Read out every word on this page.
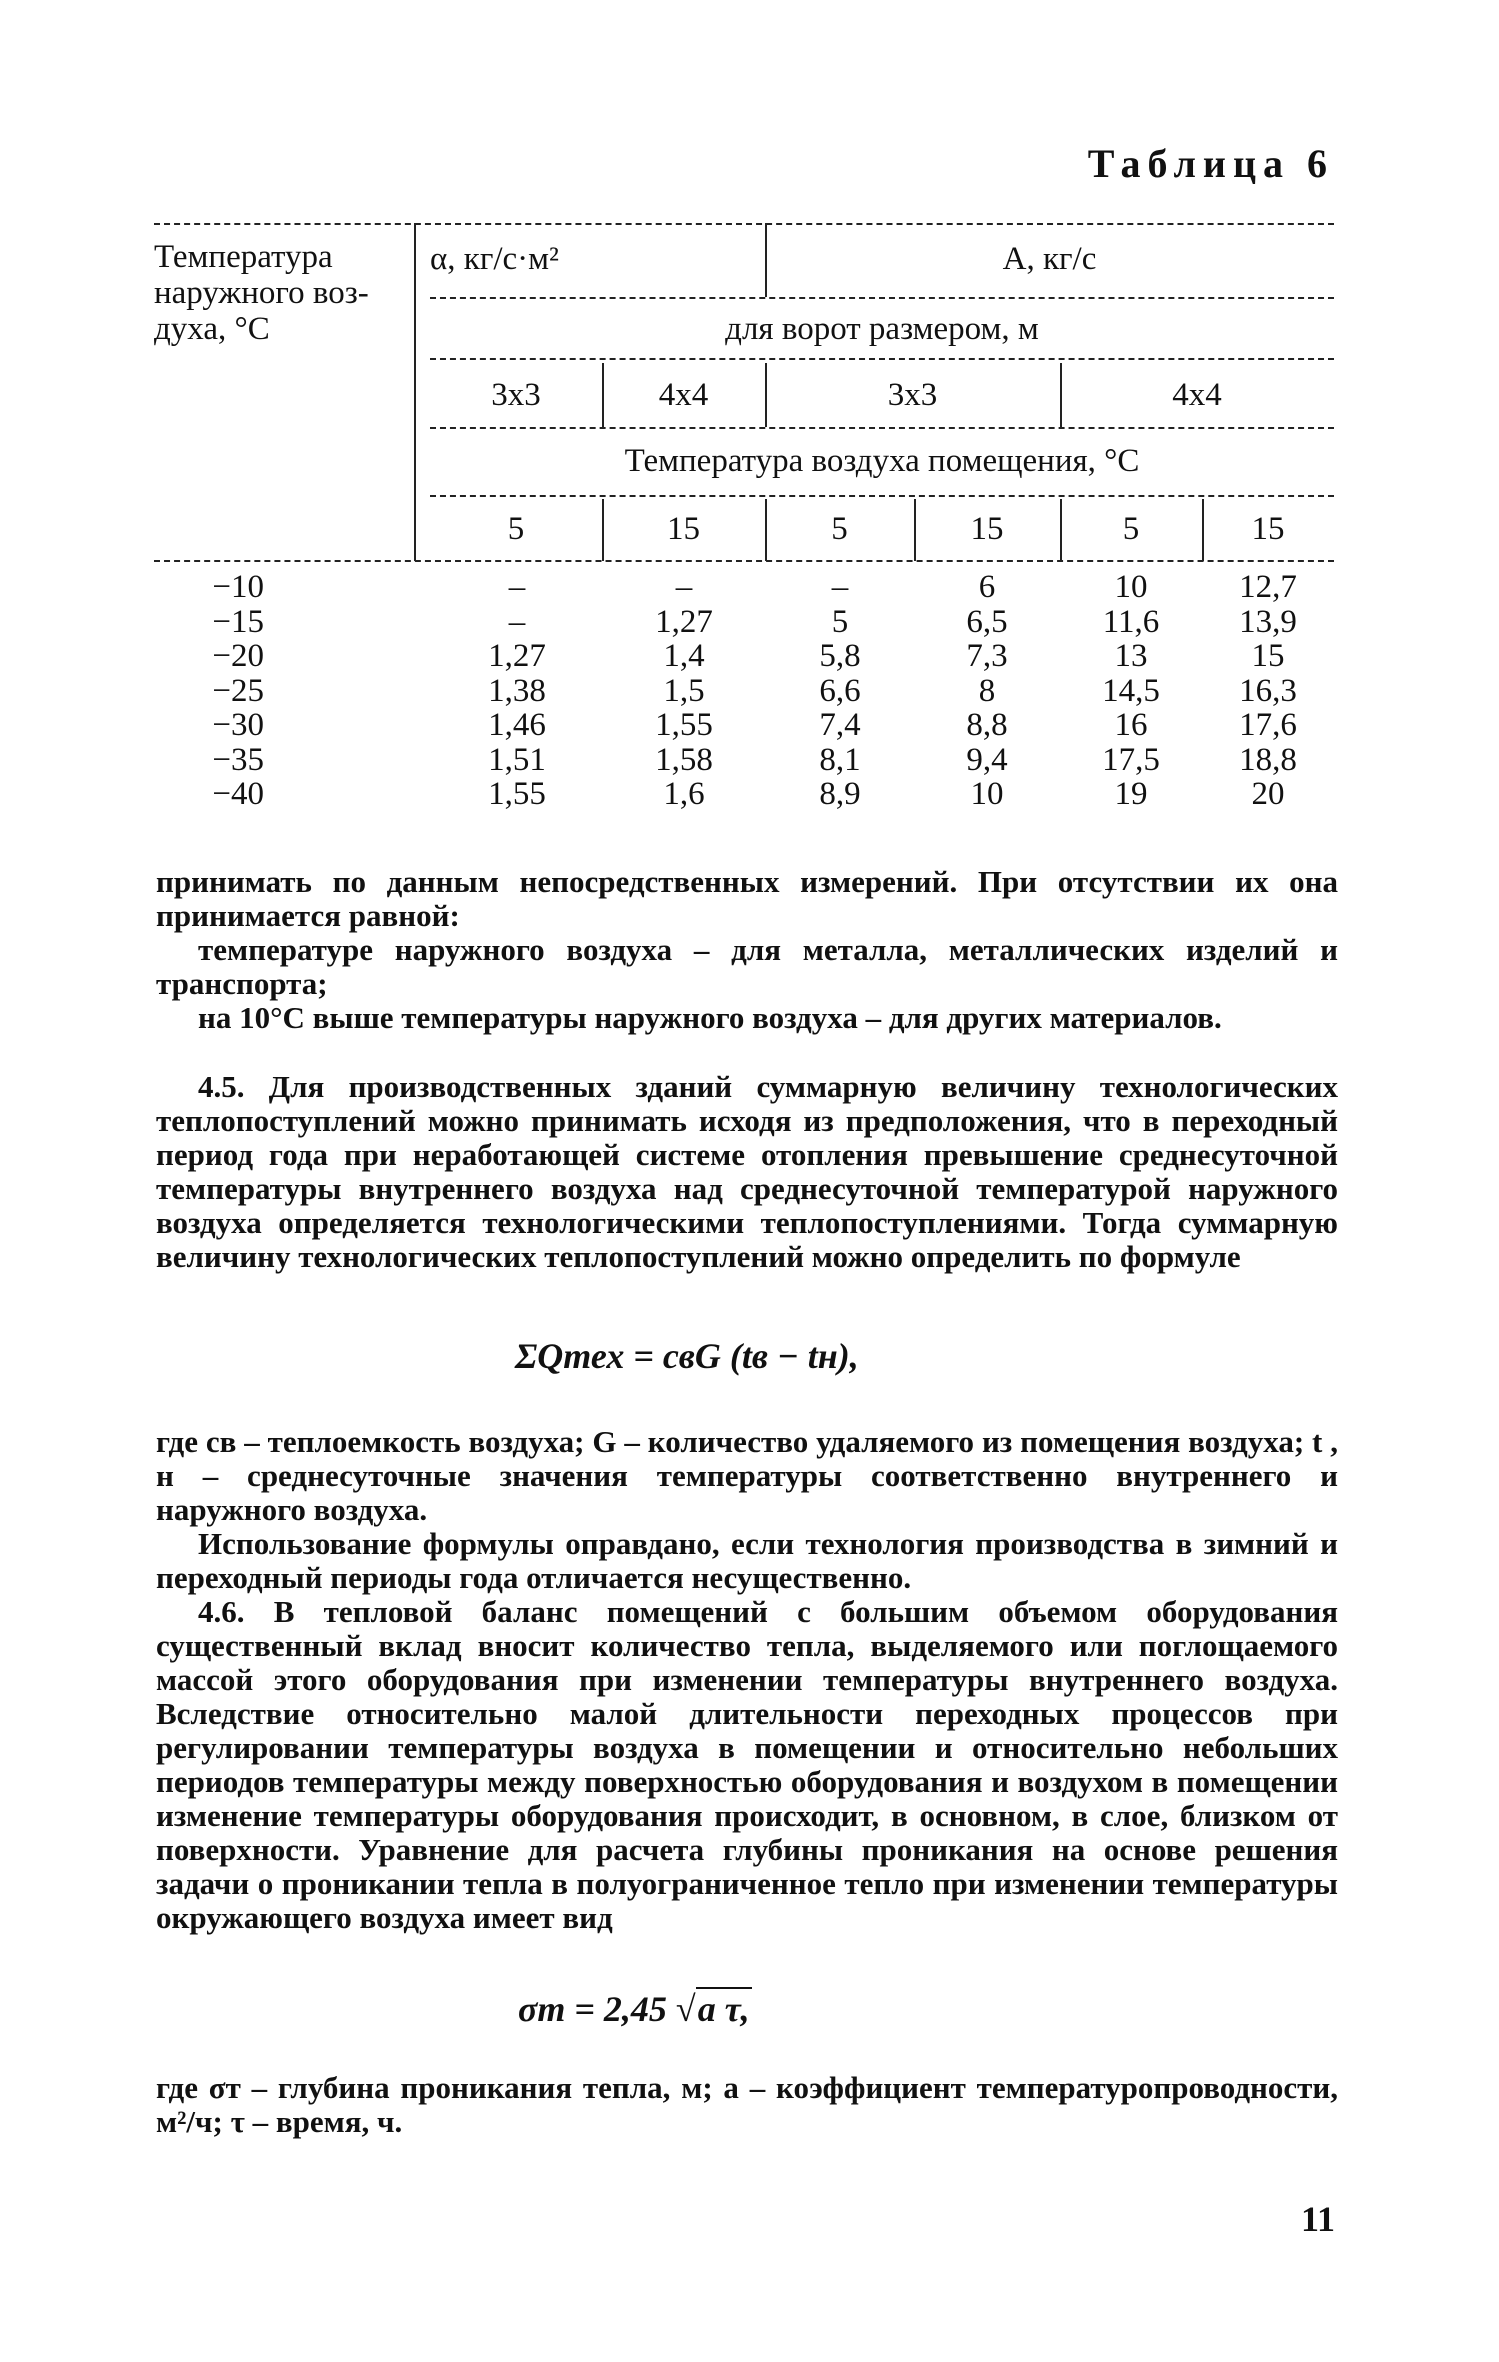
Таблица 6
Температура
наружного воз-
духа, °С
α, кг/с·м²	A, кг/с
для ворот размером, м
3х3	4х4	3х3	4х4
Температура воздуха помещения, °С
5	15	5	15	5	15
−10	–	–	–	6	10	12,7
−15	–	1,27	5	6,5	11,6	13,9
−20	1,27	1,4	5,8	7,3	13	15
−25	1,38	1,5	6,6	8	14,5	16,3
−30	1,46	1,55	7,4	8,8	16	17,6
−35	1,51	1,58	8,1	9,4	17,5	18,8
−40	1,55	1,6	8,9	10	19	20
принимать по данным непосредственных измерений. При отсутствии их она принимается равной:
температуре наружного воздуха – для металла, металлических изделий и транспорта;
на 10°С выше температуры наружного воздуха – для других материалов.
4.5. Для производственных зданий суммарную величину технологических теплопоступлений можно принимать исходя из предположения, что в переходный период года при неработающей системе отопления превышение среднесуточной температуры внутреннего воздуха над среднесуточной температурой наружного воздуха определяется технологическими теплопоступлениями. Тогда суммарную величину технологических теплопоступлений можно определить по формуле
ΣQтех = cвG (tв − tн),
где cв – теплоемкость воздуха; G – количество удаляемого из помещения воздуха; t , н – среднесуточные значения температуры соответственно внутреннего и наружного воздуха.
Использование формулы оправдано, если технология производства в зимний и переходный периоды года отличается несущественно.
4.6. В тепловой баланс помещений с большим объемом оборудования существенный вклад вносит количество тепла, выделяемого или поглощаемого массой этого оборудования при изменении температуры внутреннего воздуха. Вследствие относительно малой длительности переходных процессов при регулировании температуры воздуха в помещении и относительно небольших периодов температуры между поверхностью оборудования и воздухом в помещении изменение температуры оборудования происходит, в основном, в слое, близком от поверхности. Уравнение для расчета глубины проникания на основе решения задачи о проникании тепла в полуограниченное тепло при изменении температуры окружающего воздуха имеет вид
σт = 2,45 √a τ,
где σт – глубина проникания тепла, м; a – коэффициент температуропроводности, м²/ч; τ – время, ч.
11
